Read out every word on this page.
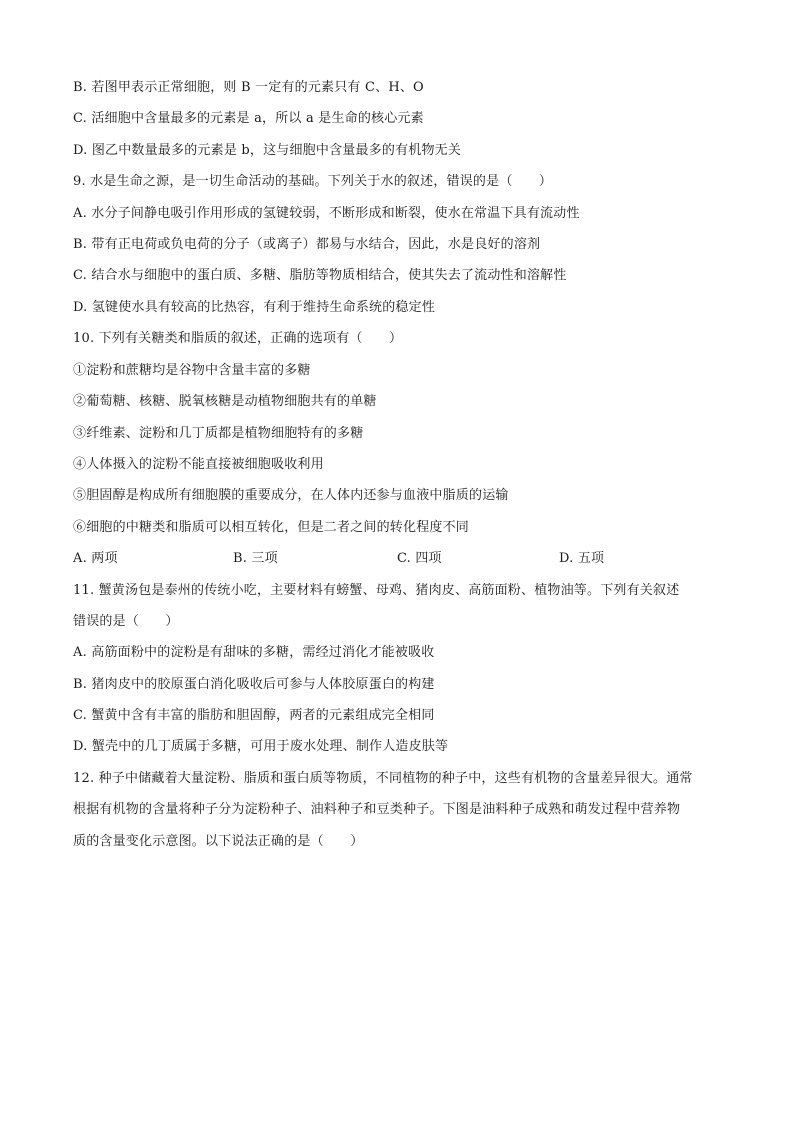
B. 若图甲表示正常细胞，则 B 一定有的元素只有 C、H、O
C. 活细胞中含量最多的元素是 a，所以 a 是生命的核心元素
D. 图乙中数量最多的元素是 b，这与细胞中含量最多的有机物无关
9. 水是生命之源，是一切生命活动的基础。下列关于水的叙述，错误的是（　　）
A. 水分子间静电吸引作用形成的氢键较弱，不断形成和断裂，使水在常温下具有流动性
B. 带有正电荷或负电荷的分子（或离子）都易与水结合，因此，水是良好的溶剂
C. 结合水与细胞中的蛋白质、多糖、脂肪等物质相结合，使其失去了流动性和溶解性
D. 氢键使水具有较高的比热容，有利于维持生命系统的稳定性
10. 下列有关糖类和脂质的叙述，正确的选项有（　　）
①淀粉和蔗糖均是谷物中含量丰富的多糖
②葡萄糖、核糖、脱氧核糖是动植物细胞共有的单糖
③纤维素、淀粉和几丁质都是植物细胞特有的多糖
④人体摄入的淀粉不能直接被细胞吸收利用
⑤胆固醇是构成所有细胞膜的重要成分，在人体内还参与血液中脂质的运输
⑥细胞的中糖类和脂质可以相互转化，但是二者之间的转化程度不同
A. 两项	B. 三项	C. 四项	D. 五项
11. 蟹黄汤包是泰州的传统小吃，主要材料有螃蟹、母鸡、猪肉皮、高筋面粉、植物油等。下列有关叙述
错误的是（　　）
A. 高筋面粉中的淀粉是有甜味的多糖，需经过消化才能被吸收
B. 猪肉皮中的胶原蛋白消化吸收后可参与人体胶原蛋白的构建
C. 蟹黄中含有丰富的脂肪和胆固醇，两者的元素组成完全相同
D. 蟹壳中的几丁质属于多糖，可用于废水处理、制作人造皮肤等
12. 种子中储藏着大量淀粉、脂质和蛋白质等物质，不同植物的种子中，这些有机物的含量差异很大。通常
根据有机物的含量将种子分为淀粉种子、油料种子和豆类种子。下图是油料种子成熟和萌发过程中营养物
质的含量变化示意图。以下说法正确的是（　　）
